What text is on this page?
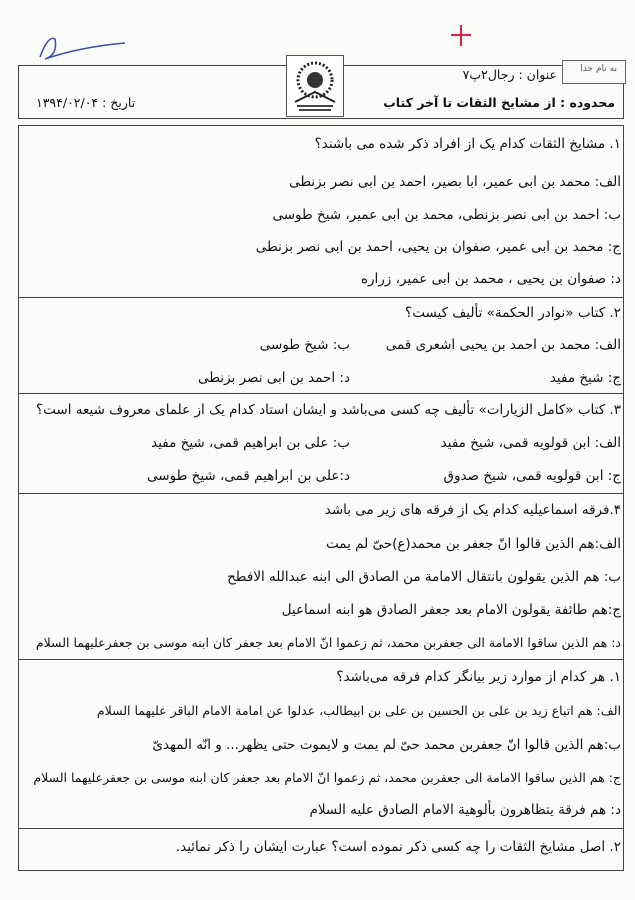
به نام خدا
عنوان : رجال۲پ۷
محدوده : از مشایخ الثقات تا آخر کتاب
تاریخ : ۱۳۹۴/۰۲/۰۴
۱. مشایخ الثقات کدام یک از افراد ذکر شده می باشند؟
الف: محمد بن ابی عمیر، ابا بصیر، احمد بن ابی نصر بزنطی
ب: احمد بن ابی نصر بزنطی، محمد بن ابی عمیر، شیخ طوسی
ج: محمد بن ابی عمیر، صفوان بن یحیی، احمد بن ابی نصر بزنطی
د: صفوان بن یحیی ، محمد بن ابی عمیر، زراره
۲. کتاب «نوادر الحکمة» تألیف کیست؟
الف: محمد بن احمد بن یحیی اشعری قمی
ب: شیخ طوسی
ج: شیخ مفید
د: احمد بن ابی نصر بزنطی
۳. کتاب «کامل الزیارات» تألیف چه کسی می‌باشد و ایشان استاد کدام یک از علمای معروف شیعه است؟
الف: ابن قولویه قمی، شیخ مفید
ب: علی بن ابراهیم قمی، شیخ مفید
ج: ابن قولویه قمی، شیخ صدوق
د:علی بن ابراهیم قمی، شیخ طوسی
۴.فرقه اسماعیلیه کدام یک از فرقه های زیر می باشد
الف:هم الذین قالوا انّ جعفر بن محمد(ع)حیّ لم یمت
ب: هم الذین یقولون بانتقال الامامة من الصادق الی ابنه عبدالله الافطح
ج:هم طائفة یقولون الامام بعد جعفر الصادق هو ابنه اسماعیل
د: هم الذین ساقوا الامامة الی جعفربن محمد، ثم زعموا انّ الامام بعد جعفر کان ابنه موسی بن جعفرعلیهما السلام
۱. هر کدام از موارد زیر بیانگر کدام فرقه می‌باشد؟
الف: هم اتباع زید بن علی بن الحسین بن علی بن ابیطالب، عدلوا عن امامة الامام الباقر علیهما السلام
ب:هم الذین قالوا انّ جعفربن محمد حیّ لم یمت و لایموت حتی یظهر... و انّه المهدیّ
ج: هم الذین ساقوا الامامة الی جعفربن محمد، ثم زعموا انّ الامام بعد جعفر کان ابنه موسی بن جعفرعلیهما السلام
د: هم فرقة یتظاهرون بألوهیة الامام الصادق علیه السلام
۲. اصل مشایخ الثقات را چه کسی ذکر نموده است؟ عبارت ایشان را ذکر نمائید.
